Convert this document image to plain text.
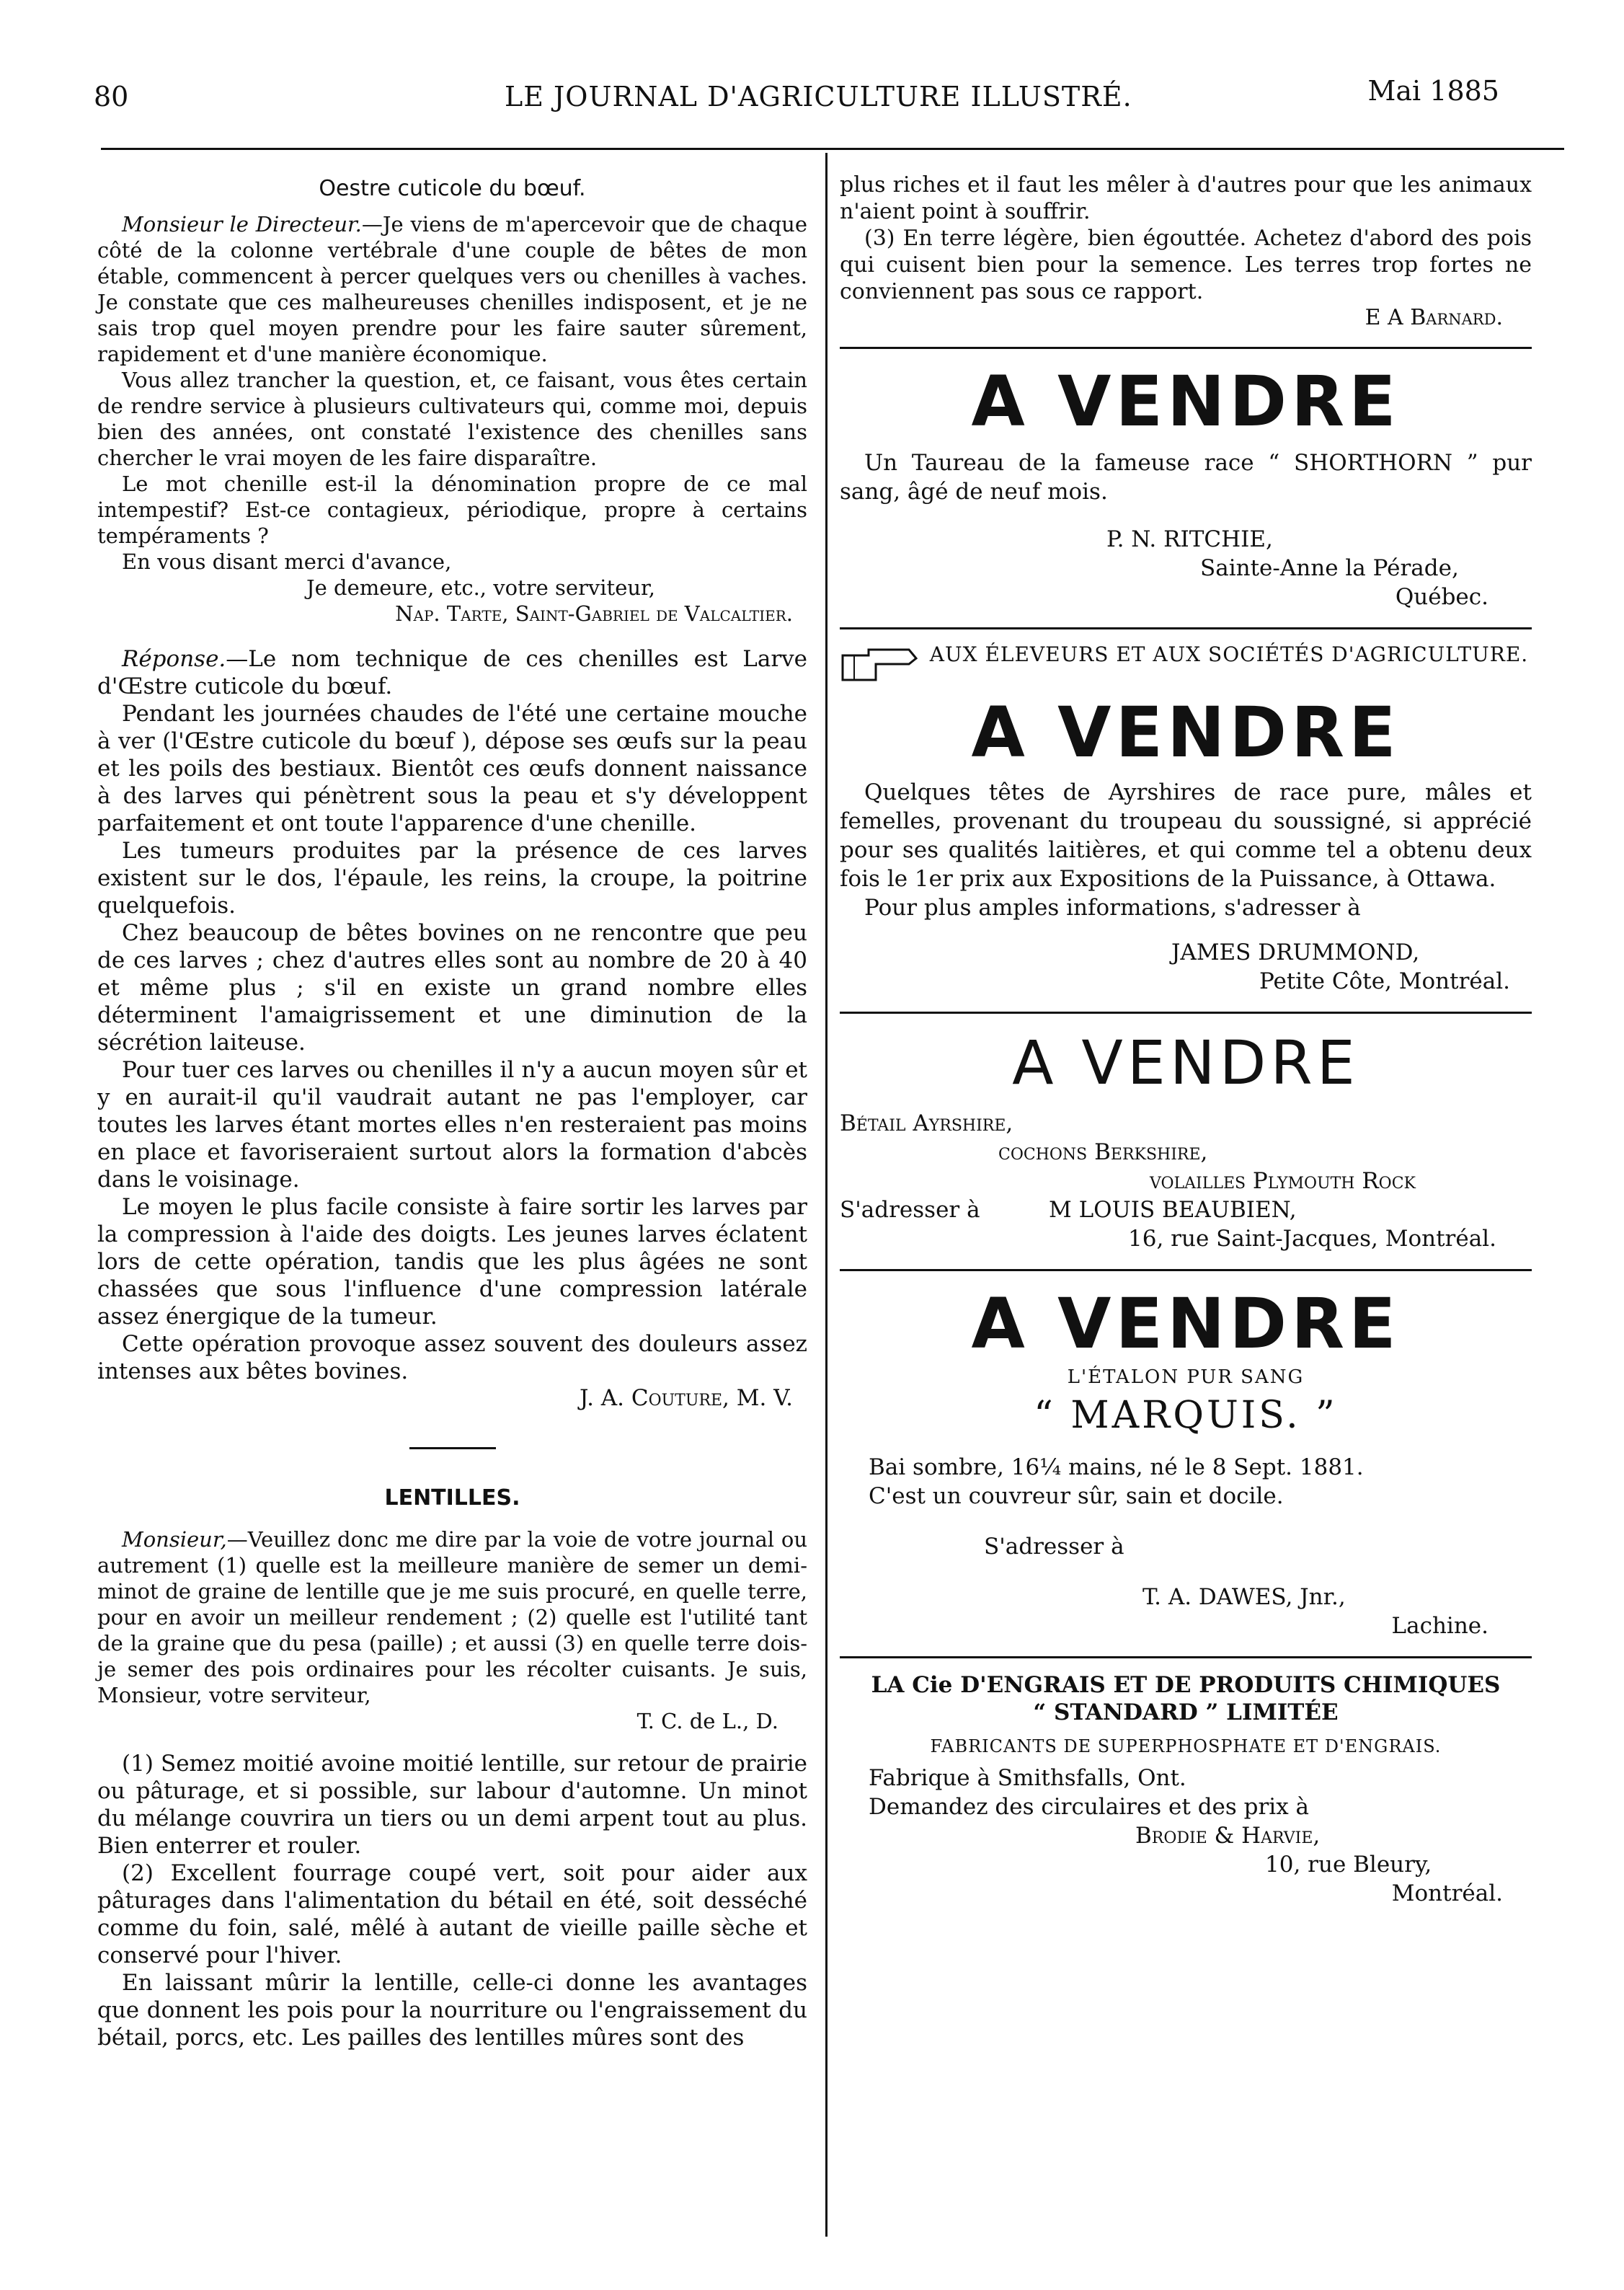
80	LE JOURNAL D'AGRICULTURE ILLUSTRÉ.	Mai 1885
Oestre cuticole du bœuf.

Monsieur le Directeur.—Je viens de m'apercevoir que de chaque côté de la colonne vertébrale d'une couple de bêtes de mon étable, commencent à percer quelques vers ou chenilles à vaches. Je constate que ces malheureuses chenilles indisposent, et je ne sais trop quel moyen prendre pour les faire sauter sûrement, rapidement et d'une manière économique.

Vous allez trancher la question, et, ce faisant, vous êtes certain de rendre service à plusieurs cultivateurs qui, comme moi, depuis bien des années, ont constaté l'existence des chenilles sans chercher le vrai moyen de les faire disparaître.

Le mot chenille est-il la dénomination propre de ce mal intempestif? Est-ce contagieux, périodique, propre à certains tempéraments ?

En vous disant merci d'avance,

Je demeure, etc., votre serviteur,

Nap. Tarte, Saint-Gabriel de Valcaltier.

Réponse.—Le nom technique de ces chenilles est Larve d'Œstre cuticole du bœuf.

Pendant les journées chaudes de l'été une certaine mouche à ver (l'Œstre cuticole du bœuf ), dépose ses œufs sur la peau et les poils des bestiaux. Bientôt ces œufs donnent naissance à des larves qui pénètrent sous la peau et s'y développent parfaitement et ont toute l'apparence d'une chenille.

Les tumeurs produites par la présence de ces larves existent sur le dos, l'épaule, les reins, la croupe, la poitrine quelquefois.

Chez beaucoup de bêtes bovines on ne rencontre que peu de ces larves ; chez d'autres elles sont au nombre de 20 à 40 et même plus ; s'il en existe un grand nombre elles déterminent l'amaigrissement et une diminution de la sécrétion laiteuse.

Pour tuer ces larves ou chenilles il n'y a aucun moyen sûr et y en aurait-il qu'il vaudrait autant ne pas l'employer, car toutes les larves étant mortes elles n'en resteraient pas moins en place et favoriseraient surtout alors la formation d'abcès dans le voisinage.

Le moyen le plus facile consiste à faire sortir les larves par la compression à l'aide des doigts. Les jeunes larves éclatent lors de cette opération, tandis que les plus âgées ne sont chassées que sous l'influence d'une compression latérale assez énergique de la tumeur.

Cette opération provoque assez souvent des douleurs assez intenses aux bêtes bovines.

J. A. Couture, M. V.

LENTILLES.

Monsieur,—Veuillez donc me dire par la voie de votre journal ou autrement (1) quelle est la meilleure manière de semer un demi-minot de graine de lentille que je me suis procuré, en quelle terre, pour en avoir un meilleur rendement ; (2) quelle est l'utilité tant de la graine que du pesa (paille) ; et aussi (3) en quelle terre dois-je semer des pois ordinaires pour les récolter cuisants. Je suis, Monsieur, votre serviteur,

T. C. de L., D.

(1) Semez moitié avoine moitié lentille, sur retour de prairie ou pâturage, et si possible, sur labour d'automne. Un minot du mélange couvrira un tiers ou un demi arpent tout au plus. Bien enterrer et rouler.

(2) Excellent fourrage coupé vert, soit pour aider aux pâturages dans l'alimentation du bétail en été, soit desséché comme du foin, salé, mêlé à autant de vieille paille sèche et conservé pour l'hiver.

En laissant mûrir la lentille, celle-ci donne les avantages que donnent les pois pour la nourriture ou l'engraissement du bétail, porcs, etc. Les pailles des lentilles mûres sont des

plus riches et il faut les mêler à d'autres pour que les animaux n'aient point à souffrir.

(3) En terre légère, bien égouttée. Achetez d'abord des pois qui cuisent bien pour la semence. Les terres trop fortes ne conviennent pas sous ce rapport.

E A Barnard.

A VENDRE

Un Taureau de la fameuse race “ SHORTHORN ” pur sang, âgé de neuf mois.

P. N. RITCHIE,

Sainte-Anne la Pérade,

Québec.

AUX ÉLEVEURS ET AUX SOCIÉTÉS D'AGRICULTURE.
A VENDRE

Quelques têtes de Ayrshires de race pure, mâles et femelles, provenant du troupeau du soussigné, si apprécié pour ses qualités laitières, et qui comme tel a obtenu deux fois le 1er prix aux Expositions de la Puissance, à Ottawa.

Pour plus amples informations, s'adresser à

JAMES DRUMMOND,

Petite Côte, Montréal.

A VENDRE

Bétail Ayrshire,

cochons Berkshire,

volailles Plymouth Rock

S'adresser à	M LOUIS BEAUBIEN,

16, rue Saint-Jacques, Montréal.

A VENDRE
L'ÉTALON PUR SANG
“ MARQUIS. ”

Bai sombre, 16¼ mains, né le 8 Sept. 1881.

C'est un couvreur sûr, sain et docile.

S'adresser à

T. A. DAWES, Jnr.,

Lachine.

LA Cie D'ENGRAIS ET DE PRODUITS CHIMIQUES
“ STANDARD ” LIMITÉE
FABRICANTS DE SUPERPHOSPHATE ET D'ENGRAIS.

Fabrique à Smithsfalls, Ont.

Demandez des circulaires et des prix à

Brodie & Harvie,

10, rue Bleury,

Montréal.
